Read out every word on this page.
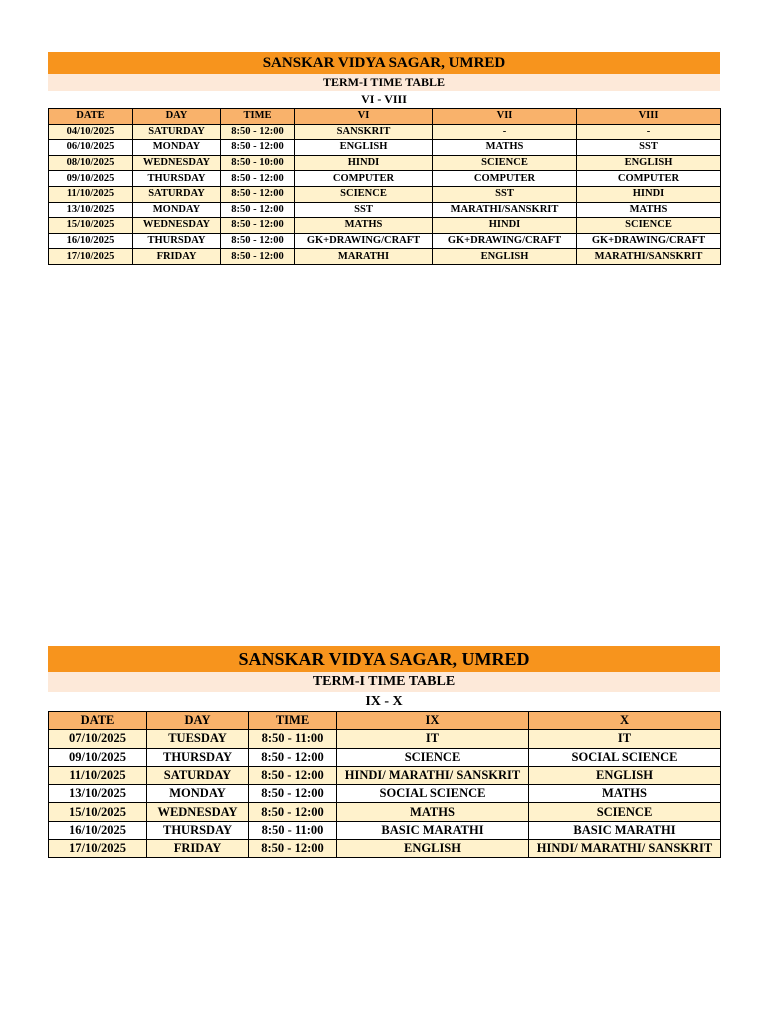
SANSKAR VIDYA SAGAR, UMRED
TERM-I TIME TABLE
VI - VIII
DATE	DAY	TIME	VI	VII	VIII
04/10/2025	SATURDAY	8:50 - 12:00	SANSKRIT	-	-
06/10/2025	MONDAY	8:50 - 12:00	ENGLISH	MATHS	SST
08/10/2025	WEDNESDAY	8:50 - 10:00	HINDI	SCIENCE	ENGLISH
09/10/2025	THURSDAY	8:50 - 12:00	COMPUTER	COMPUTER	COMPUTER
11/10/2025	SATURDAY	8:50 - 12:00	SCIENCE	SST	HINDI
13/10/2025	MONDAY	8:50 - 12:00	SST	MARATHI/SANSKRIT	MATHS
15/10/2025	WEDNESDAY	8:50 - 12:00	MATHS	HINDI	SCIENCE
16/10/2025	THURSDAY	8:50 - 12:00	GK+DRAWING/CRAFT	GK+DRAWING/CRAFT	GK+DRAWING/CRAFT
17/10/2025	FRIDAY	8:50 - 12:00	MARATHI	ENGLISH	MARATHI/SANSKRIT
SANSKAR VIDYA SAGAR, UMRED
TERM-I TIME TABLE
IX - X
DATE	DAY	TIME	IX	X
07/10/2025	TUESDAY	8:50 - 11:00	IT	IT
09/10/2025	THURSDAY	8:50 - 12:00	SCIENCE	SOCIAL SCIENCE
11/10/2025	SATURDAY	8:50 - 12:00	HINDI/ MARATHI/ SANSKRIT	ENGLISH
13/10/2025	MONDAY	8:50 - 12:00	SOCIAL SCIENCE	MATHS
15/10/2025	WEDNESDAY	8:50 - 12:00	MATHS	SCIENCE
16/10/2025	THURSDAY	8:50 - 11:00	BASIC MARATHI	BASIC MARATHI
17/10/2025	FRIDAY	8:50 - 12:00	ENGLISH	HINDI/ MARATHI/ SANSKRIT
